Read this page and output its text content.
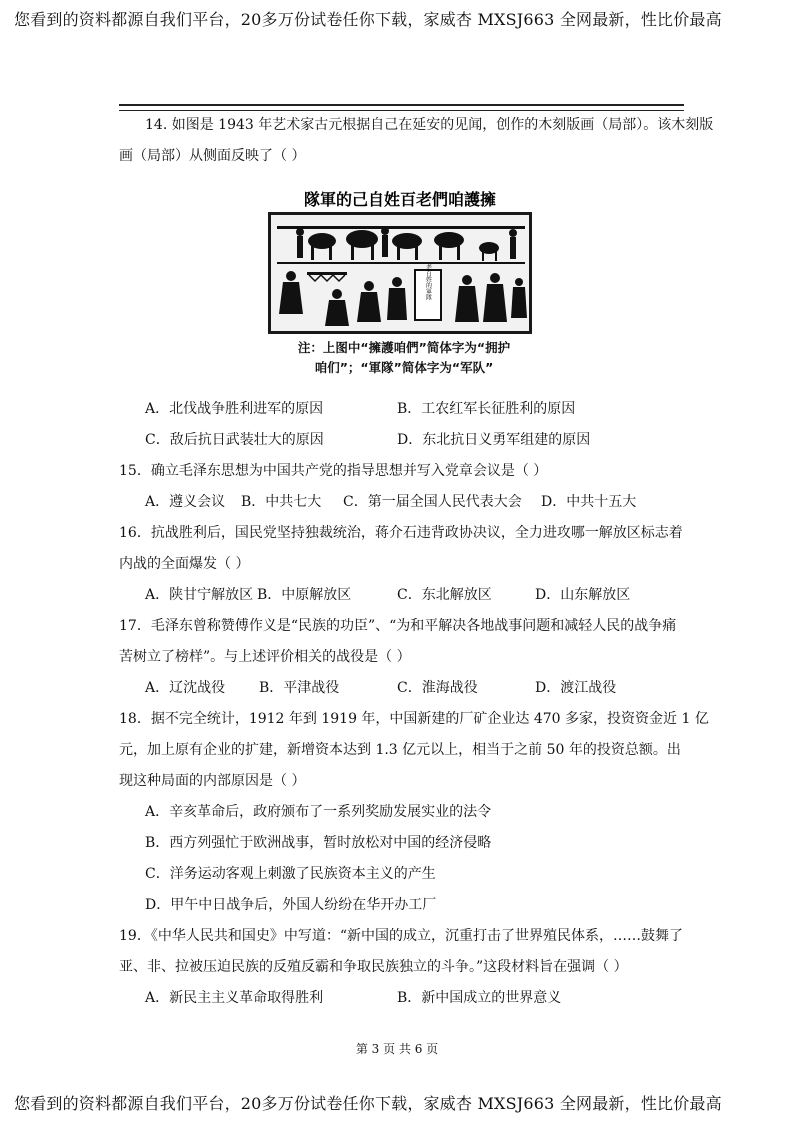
您看到的资料都源自我们平台，20多万份试卷任你下载，家威杏 MXSJ663 全网最新，性比价最高
14. 如图是 1943 年艺术家古元根据自己在延安的见闻，创作的木刻版画（局部）。该木刻版
画（局部）从侧面反映了（ ）
隊軍的己自姓百老們咱護擁
老百姓的軍隊
注：上图中“擁護咱們”简体字为“拥护
咱们”；“軍隊”简体字为“军队”
A．北伐战争胜利进军的原因	B．工农红军长征胜利的原因
C．敌后抗日武装壮大的原因	D．东北抗日义勇军组建的原因
15．确立毛泽东思想为中国共产党的指导思想并写入党章会议是（ ）
A．遵义会议 B．中共七大 C．第一届全国人民代表大会 D．中共十五大
16．抗战胜利后，国民党坚持独裁统治，蒋介石违背政协决议，全力进攻哪一解放区标志着
内战的全面爆发（ ）
A．陕甘宁解放区 B．中原解放区	C．东北解放区	D．山东解放区
17．毛泽东曾称赞傅作义是“民族的功臣”、“为和平解决各地战事问题和减轻人民的战争痛
苦树立了榜样”。与上述评价相关的战役是（ ）
A．辽沈战役 B．平津战役	C．淮海战役	D．渡江战役
18．据不完全统计，1912 年到 1919 年，中国新建的厂矿企业达 470 多家，投资资金近 1 亿
元，加上原有企业的扩建，新增资本达到 1.3 亿元以上，相当于之前 50 年的投资总额。出
现这种局面的内部原因是（ ）
A．辛亥革命后，政府颁布了一系列奖励发展实业的法令
B．西方列强忙于欧洲战事，暂时放松对中国的经济侵略
C．洋务运动客观上刺激了民族资本主义的产生
D．甲午中日战争后，外国人纷纷在华开办工厂
19．《中华人民共和国史》中写道：“新中国的成立，沉重打击了世界殖民体系，……鼓舞了
亚、非、拉被压迫民族的反殖反霸和争取民族独立的斗争。”这段材料旨在强调（ ）
A．新民主主义革命取得胜利	B．新中国成立的世界意义
第 3 页 共 6 页
您看到的资料都源自我们平台，20多万份试卷任你下载，家威杏 MXSJ663 全网最新，性比价最高
